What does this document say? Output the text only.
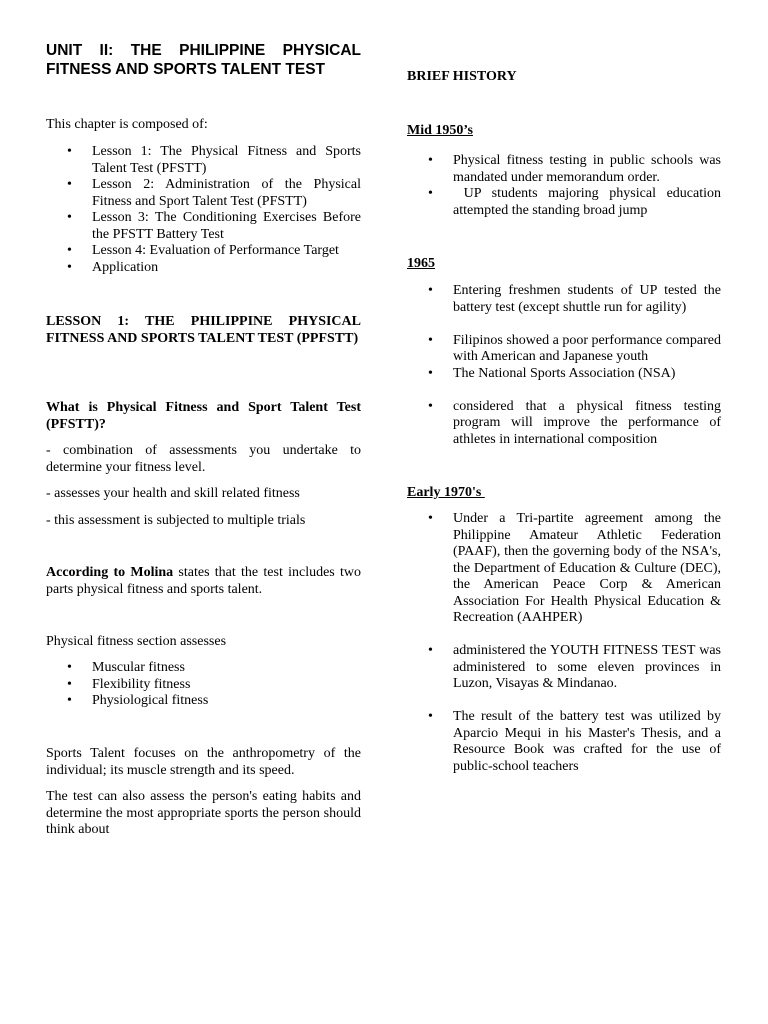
UNIT II: THE PHILIPPINE PHYSICAL FITNESS AND SPORTS TALENT TEST

This chapter is composed of:

• Lesson 1: The Physical Fitness and Sports Talent Test (PFSTT)
• Lesson 2: Administration of the Physical Fitness and Sport Talent Test (PFSTT)
• Lesson 3: The Conditioning Exercises Before the PFSTT Battery Test
• Lesson 4: Evaluation of Performance Target
• Application

LESSON 1: THE PHILIPPINE PHYSICAL FITNESS AND SPORTS TALENT TEST (PPFSTT)

What is Physical Fitness and Sport Talent Test (PFSTT)?

- combination of assessments you undertake to determine your fitness level.

- assesses your health and skill related fitness

- this assessment is subjected to multiple trials

According to Molina states that the test includes two parts physical fitness and sports talent.

Physical fitness section assesses

• Muscular fitness
• Flexibility fitness
• Physiological fitness

Sports Talent focuses on the anthropometry of the individual; its muscle strength and its speed.

The test can also assess the person's eating habits and determine the most appropriate sports the person should think about

BRIEF HISTORY

Mid 1950’s

• Physical fitness testing in public schools was mandated under memorandum order.
• UP students majoring physical education attempted the standing broad jump

1965

• Entering freshmen students of UP tested the battery test (except shuttle run for agility)
• Filipinos showed a poor performance compared with American and Japanese youth
• The National Sports Association (NSA)
• considered that a physical fitness testing program will improve the performance of athletes in international composition

Early 1970's

• Under a Tri-partite agreement among the Philippine Amateur Athletic Federation (PAAF), then the governing body of the NSA's, the Department of Education & Culture (DEC), the American Peace Corp & American Association For Health Physical Education & Recreation (AAHPER)
• administered the YOUTH FITNESS TEST was administered to some eleven provinces in Luzon, Visayas & Mindanao.
• The result of the battery test was utilized by Aparcio Mequi in his Master's Thesis, and a Resource Book was crafted for the use of public-school teachers
